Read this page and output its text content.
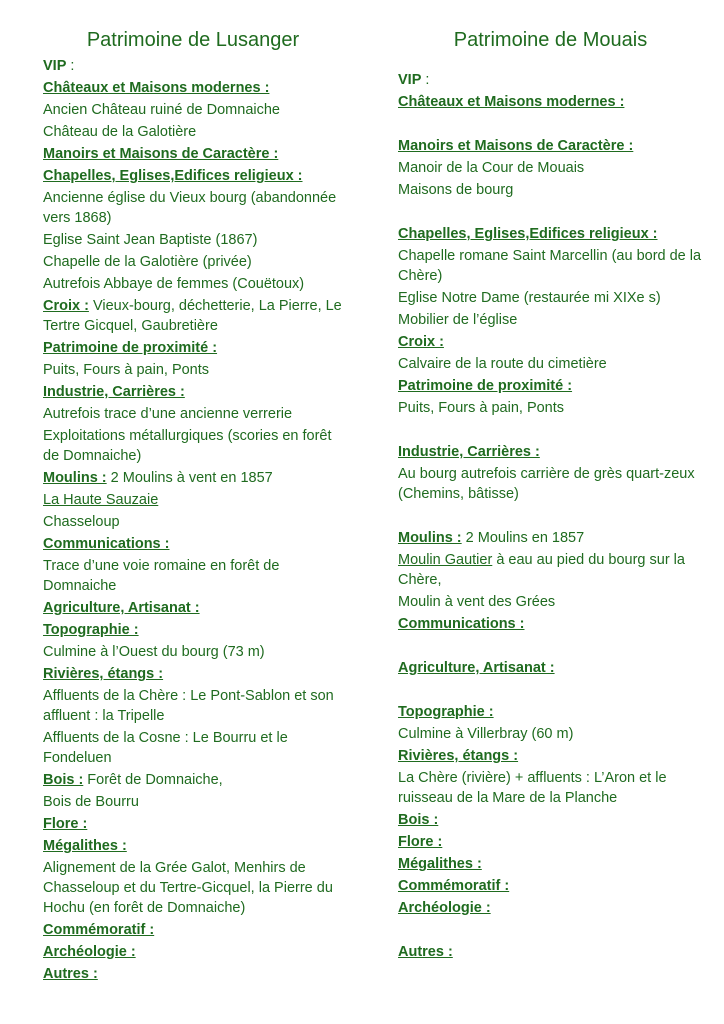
Patrimoine de Lusanger
VIP :
Châteaux et Maisons modernes :
Ancien Château ruiné de Domnaiche
Château de la Galotière
Manoirs et Maisons de Caractère :
Chapelles, Eglises,Edifices religieux :
Ancienne église du Vieux bourg (abandonnée vers 1868)
Eglise Saint Jean Baptiste (1867)
Chapelle de la Galotière (privée)
Autrefois Abbaye de femmes (Couëtoux)
Croix : Vieux-bourg, déchetterie, La Pierre, Le Tertre Gicquel, Gaubretière
Patrimoine de proximité :
Puits, Fours à pain, Ponts
Industrie, Carrières :
Autrefois trace d’une ancienne verrerie
Exploitations métallurgiques (scories en forêt de Domnaiche)
Moulins : 2 Moulins à vent en 1857
La Haute Sauzaie
Chasseloup
Communications :
Trace d’une voie romaine en forêt de Domnaiche
Agriculture, Artisanat :
Topographie :
Culmine à l’Ouest du bourg (73 m)
Rivières, étangs :
Affluents de la Chère : Le Pont-Sablon et son affluent : la Tripelle
Affluents de la Cosne : Le Bourru et le Fondeluen
Bois : Forêt de Domnaiche,
Bois de Bourru
Flore :
Mégalithes :
Alignement de la Grée Galot, Menhirs de Chasseloup et du Tertre-Gicquel, la Pierre du Hochu (en forêt de Domnaiche)
Commémoratif :
Archéologie :
Autres :
Patrimoine de Mouais
VIP :
Châteaux et Maisons modernes :
Manoirs et Maisons de Caractère :
Manoir de la Cour de Mouais
Maisons de bourg
Chapelles, Eglises,Edifices religieux :
Chapelle romane Saint Marcellin (au bord de la Chère)
Eglise Notre Dame (restaurée mi XIXe s)
Mobilier de l’église
Croix :
Calvaire de la route du cimetière
Patrimoine de proximité :
Puits, Fours à pain, Ponts
Industrie, Carrières :
Au bourg autrefois carrière de grès quart-zeux (Chemins, bâtisse)
Moulins : 2 Moulins en 1857
Moulin Gautier à eau au pied du bourg sur la Chère,
Moulin à vent des Grées
Communications :
Agriculture, Artisanat :
Topographie :
Culmine à Villerbray (60 m)
Rivières, étangs :
La Chère (rivière) + affluents : L’Aron et le ruisseau de la Mare de la Planche
Bois :
Flore :
Mégalithes :
Commémoratif :
Archéologie :
Autres :
